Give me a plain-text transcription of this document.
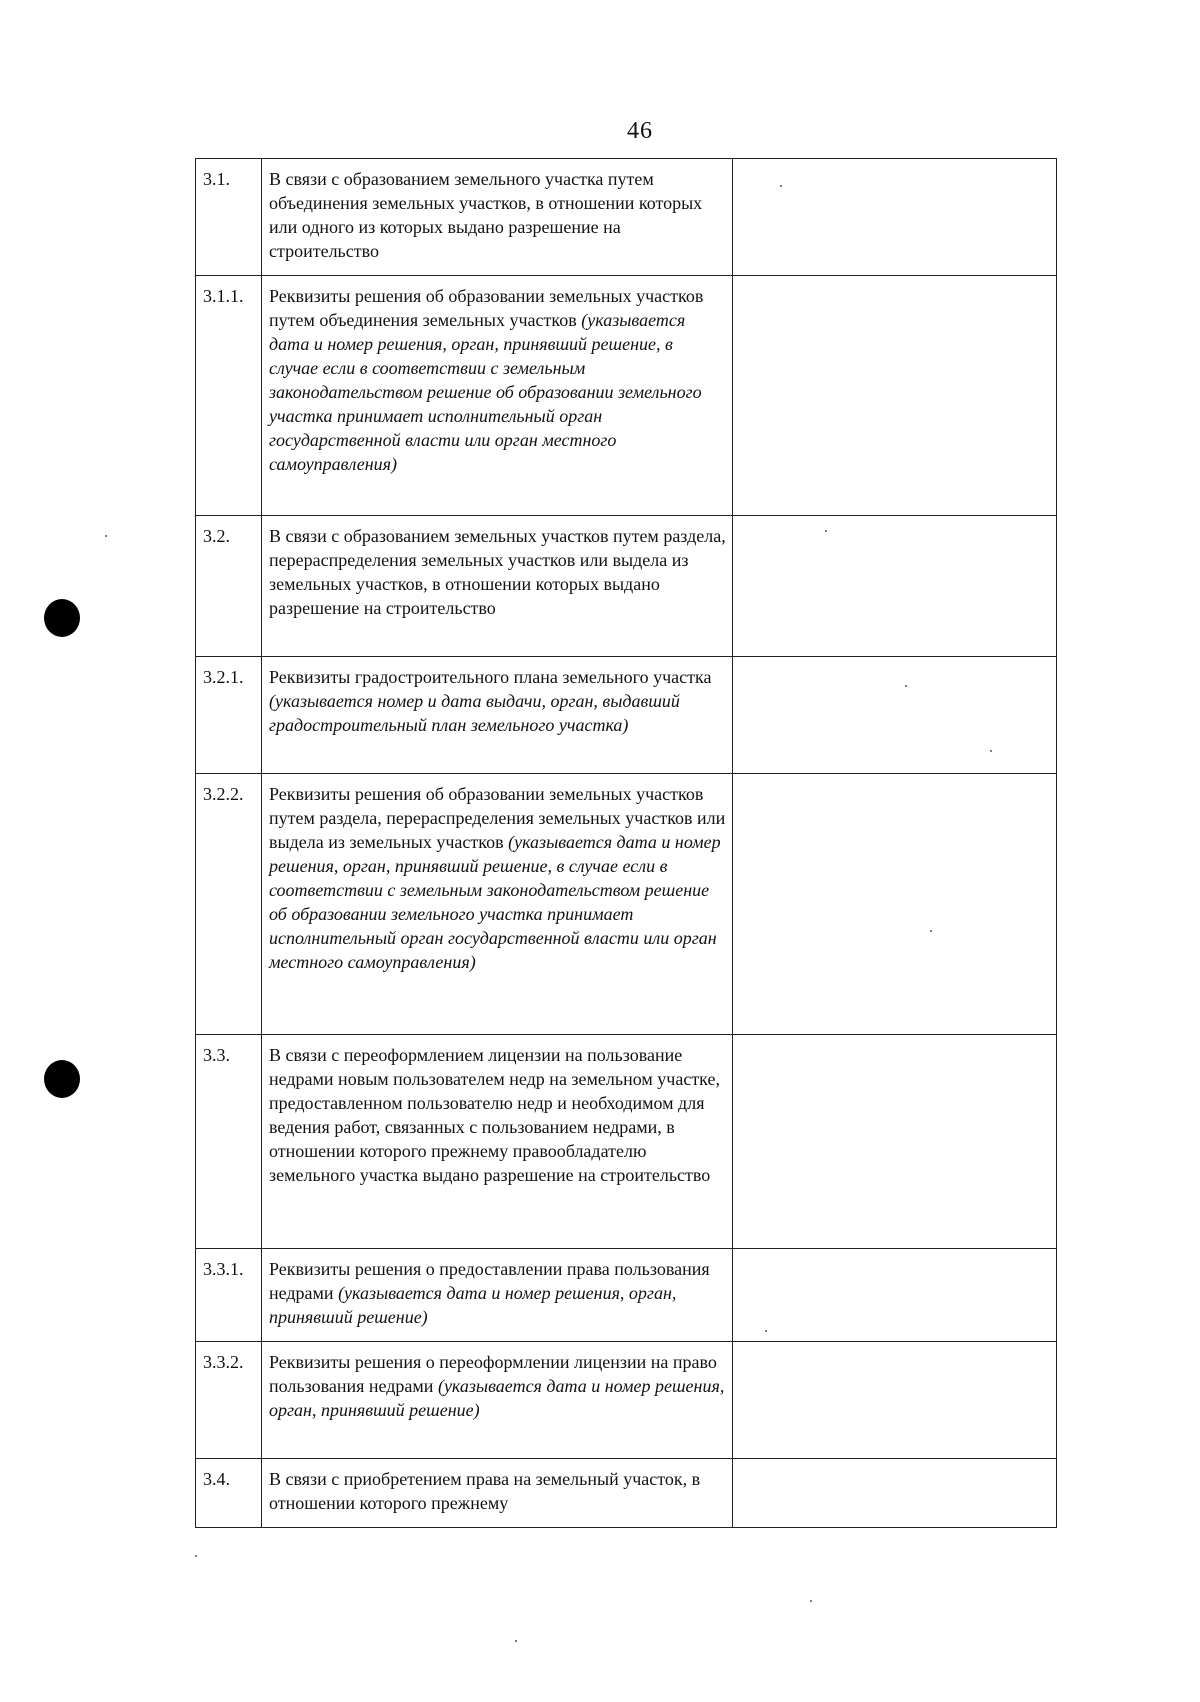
46
3.1.	В связи с образованием земельного участка путем объединения земельных участков, в отношении которых или одного из которых выдано разрешение на строительство	
3.1.1.	Реквизиты решения об образовании земельных участков путем объединения земельных участков (указывается дата и номер решения, орган, принявший решение, в случае если в соответствии с земельным законодательством решение об образовании земельного участка принимает исполнительный орган государственной власти или орган местного самоуправления)	
3.2.	В связи с образованием земельных участков путем раздела, перераспределения земельных участков или выдела из земельных участков, в отношении которых выдано разрешение на строительство	
3.2.1.	Реквизиты градостроительного плана земельного участка (указывается номер и дата выдачи, орган, выдавший градостроительный план земельного участка)	
3.2.2.	Реквизиты решения об образовании земельных участков путем раздела, перераспределения земельных участков или выдела из земельных участков (указывается дата и номер решения, орган, принявший решение, в случае если в соответствии с земельным законодательством решение об образовании земельного участка принимает исполнительный орган государственной власти или орган местного самоуправления)	
3.3.	В связи с переоформлением лицензии на пользование недрами новым пользователем недр на земельном участке, предоставленном пользователю недр и необходимом для ведения работ, связанных с пользованием недрами, в отношении которого прежнему правообладателю земельного участка выдано разрешение на строительство	
3.3.1.	Реквизиты решения о предоставлении права пользования недрами (указывается дата и номер решения, орган, принявший решение)	
3.3.2.	Реквизиты решения о переоформлении лицензии на право пользования недрами (указывается дата и номер решения, орган, принявший решение)	
3.4.	В связи с приобретением права на земельный участок, в отношении которого прежнему	
